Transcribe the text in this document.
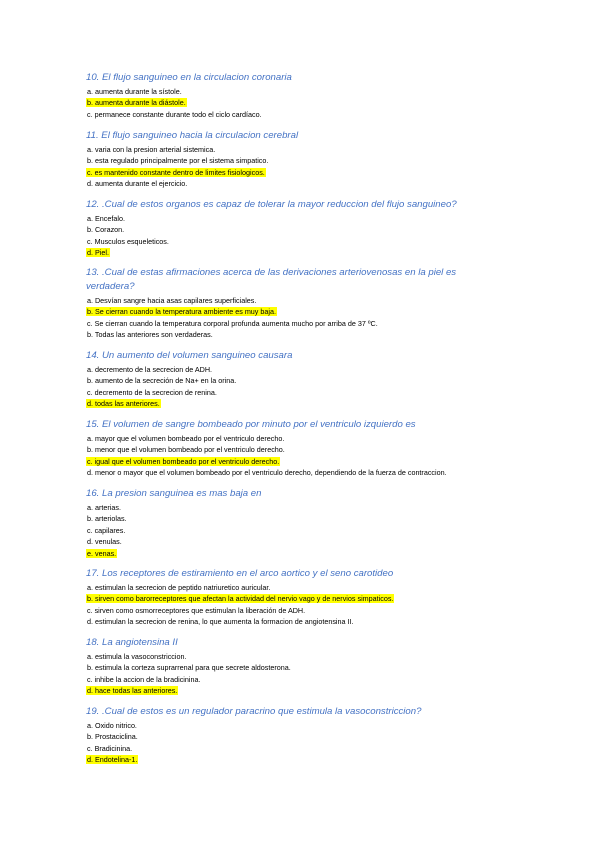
10. El flujo sanguineo en la circulacion coronaria
a. aumenta durante la sístole.
b. aumenta durante la diástole.
c. permanece constante durante todo el ciclo cardíaco.
11. El flujo sanguineo hacia la circulacion cerebral
a. varia con la presion arterial sistemica.
b. esta regulado principalmente por el sistema simpatico.
c. es mantenido constante dentro de limites fisiologicos.
d. aumenta durante el ejercicio.
12. .Cual de estos organos es capaz de tolerar la mayor reduccion del flujo sanguineo?
a. Encefalo.
b. Corazon.
c. Musculos esqueleticos.
d. Piel.
13. .Cual de estas afirmaciones acerca de las derivaciones arteriovenosas en la piel es verdadera?
a. Desvían sangre hacia asas capilares superficiales.
b. Se cierran cuando la temperatura ambiente es muy baja.
c. Se cierran cuando la temperatura corporal profunda aumenta mucho por arriba de 37 ºC.
b. Todas las anteriores son verdaderas.
14. Un aumento del volumen sanguineo causara
a. decremento de la secrecion de ADH.
b. aumento de la secreción de Na+ en la orina.
c. decremento de la secrecion de renina.
d. todas las anteriores.
15. El volumen de sangre bombeado por minuto por el ventriculo izquierdo es
a. mayor que el volumen bombeado por el ventriculo derecho.
b. menor que el volumen bombeado por el ventriculo derecho.
c. igual que el volumen bombeado por el ventriculo derecho.
d. menor o mayor que el volumen bombeado por el ventriculo derecho, dependiendo de la fuerza de contraccion.
16. La presion sanguinea es mas baja en
a. arterias.
b. arteriolas.
c. capilares.
d. venulas.
e. venas.
17. Los receptores de estiramiento en el arco aortico y el seno carotideo
a. estimulan la secrecion de peptido natriuretico auricular.
b. sirven como barorreceptores que afectan la actividad del nervio vago y de nervios simpaticos.
c. sirven como osmorreceptores que estimulan la liberación de ADH.
d. estimulan la secrecion de renina, lo que aumenta la formacion de angiotensina II.
18. La angiotensina II
a. estimula la vasoconstriccion.
b. estimula la corteza suprarrenal para que secrete aldosterona.
c. inhibe la accion de la bradicinina.
d. hace todas las anteriores.
19. .Cual de estos es un regulador paracrino que estimula la vasoconstriccion?
a. Oxido nitrico.
b. Prostaciclina.
c. Bradicinina.
d. Endotelina-1.
